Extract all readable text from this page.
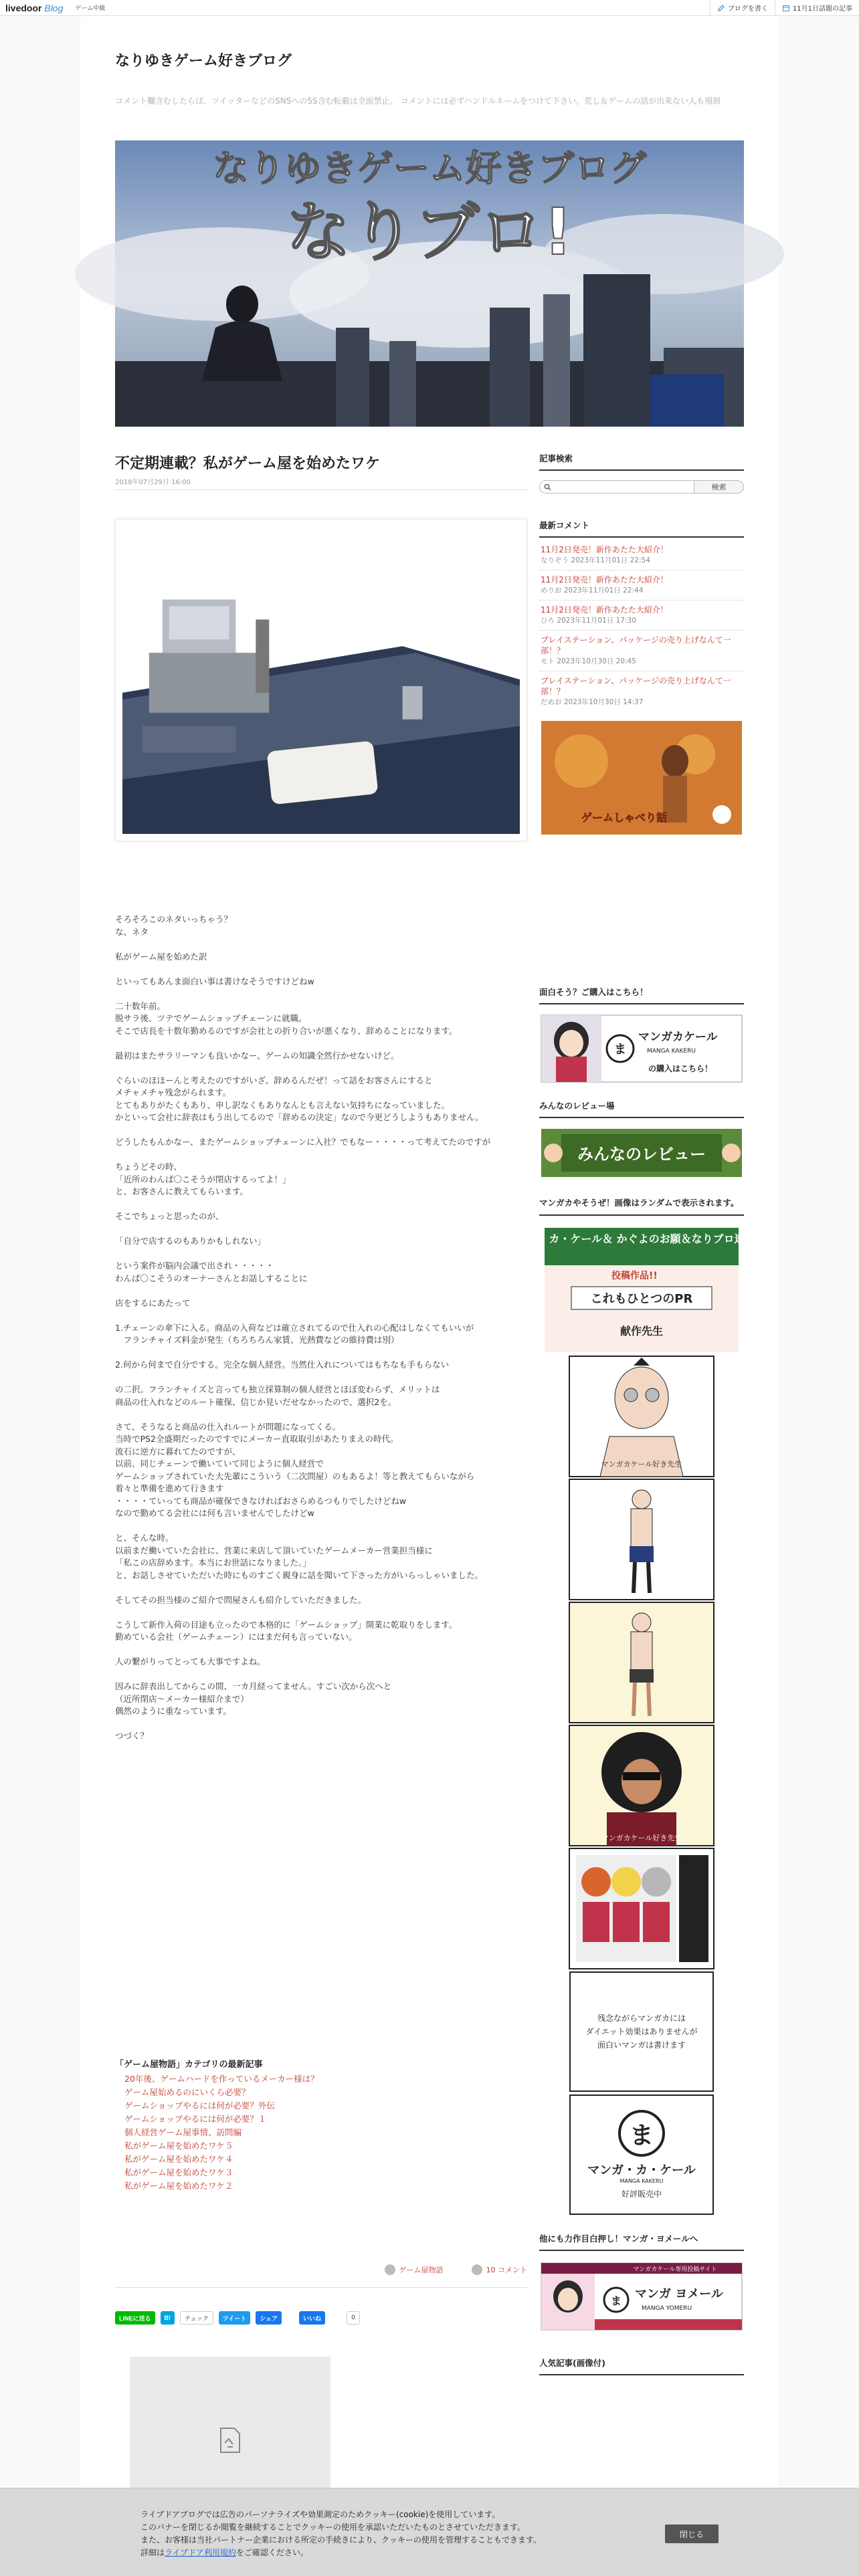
livedoor Blog ゲーム中級	ブログを書く	11月1日話題の記事
なりゆきゲーム好きブログ
コメント欄含むしたらば、ツイッターなどのSNSへの5S含む転載は全面禁止。 コメントには必ずハンドルネームをつけて下さい。荒し＆ゲームの話が出来ない人も規制
なりゆきゲーム好きブログ
なりブロ!
不定期連載？私がゲーム屋を始めたワケ
2018年07月29日 16:00

そろそろこのネタいっちゃう？
な、ネタ

私がゲーム屋を始めた訳

といってもあんま面白い事は書けなそうですけどねw

二十数年前。
脱サラ後、ツテでゲームショップチェーンに就職。
そこで店長を十数年勤めるのですが会社との折り合いが悪くなり、辞めることになります。

最初はまたサラリーマンも良いかなー、ゲームの知識全然行かせないけど。

ぐらいのほほーんと考えたのですがいざ、辞めるんだぜ！って話をお客さんにすると
メチャメチャ残念がられます。
とてもありがたくもあり、申し訳なくもありなんとも言えない気持ちになっていました。
かといって会社に辞表はもう出してるので「辞めるの決定」なので今更どうしようもありません。

どうしたもんかなー、またゲームショップチェーンに入社？でもなー・・・・って考えてたのですが

ちょうどその時、
「近所のわんぱ〇こそうが閉店するってよ！」
と、お客さんに教えてもらいます。

そこでちょっと思ったのが、

「自分で店するのもありかもしれない」

という案件が脳内会議で出され・・・・・
わんぱ〇こそうのオーナーさんとお話しすることに

店をするにあたって

1.チェーンの傘下に入る。商品の入荷などは確立されてるので仕入れの心配はしなくてもいいが
　フランチャイズ料金が発生（ちろちろん家賃、光熱費などの維持費は別）

2.何から何まで自分でする。完全な個人経営。当然仕入れについてはもちなも手もらない

の二択。フランチャイズと言っても独立採算制の個人経営とほぼ変わらず、メリットは
商品の仕入れなどのルート確保、信じか見いだせなかったので、選択2を。

さて、そうなると商品の仕入れルートが問題になってくる。
当時でPS2全盛期だったのですでにメーカー直取取引があたりまえの時代。
流石に逆方に暮れてたのですが、
以前、同じチェーンで働いていて同じように個人経営で
ゲームショップされていた大先輩にこういう（二次問屋）のもあるよ！等と教えてもらいながら
着々と準備を進めて行きます
・・・・ていっても商品が確保できなければおさらめるつもりでしたけどねw
なので勤めてる会社には何も言いませんでしたけどw

と、そんな時。
以前まだ働いていた会社に、営業に来店して頂いていたゲームメーカー営業担当様に
「私この店辞めます。本当にお世話になりました。」
と、お話しさせていただいた時にものすごく親身に話を聞いて下さった方がいらっしゃいました。

そしてその担当様のご紹介で問屋さんも紹介していただきました。

こうして新作入荷の目途も立ったので本格的に「ゲームショップ」開業に乾取りをします。
勤めている会社（ゲームチェーン）にはまだ何も言っていない。

人の繋がりってとっても大事ですよね。

因みに辞表出してからこの間、一カ月経ってません。すごい次から次へと
（近所閉店〜メーカー様紹介まで）
偶然のように重なっています。

つづく？

「ゲーム屋物語」カテゴリの最新記事
20年後、ゲームハードを作っているメーカー様は？
ゲーム屋始めるのにいくら必要？
ゲームショップやるには何が必要？外伝
ゲームショップやるには何が必要？１
個人経営ゲーム屋事情、訪問編
私がゲーム屋を始めたワケ５
私がゲーム屋を始めたワケ４
私がゲーム屋を始めたワケ３
私がゲーム屋を始めたワケ２
ゲーム屋物語	10 コメント
LINEに送る	B!	チェック	ツイート	シェア	いいね	0
記事検索
検索
最新コメント
11月2日発売！新作あたた大紹介！
なりぞう 2023年11月01日 22:54
11月2日発売！新作あたた大紹介！
めりお 2023年11月01日 22:44
11月2日発売！新作あたた大紹介！
ひろ 2023年11月01日 17:30
プレイステーション、パッケージの売り上げなんて一部！？
モト 2023年10月30日 20:45
プレイステーション、パッケージの売り上げなんて一部！？
だめお 2023年10月30日 14:37
ゲームしゃべり話
面白そう？ご購入はこちら！
ま
マンガカケール
MANGA KAKERU
の購入はこちら！
みんなのレビュー場
みんなのレビュー
マンガカやそうぜ！画像はランダムで表示されます。
マンガ・カ・ケール＆ かぐよのお願＆なりブロ連動企画
投稿作品!!
これもひとつのPR
献作先生
マンガカケール好き先生
マンガカケール好き先生
残念ながらマンガカには
ダイエット効果はありませんが
面白いマンガは書けます
ま
マンガ・カ・ケール
MANGA KAKERU
好評販売中
他にも力作目白押し！マンガ・ヨメールへ
マンガカケール専用投稿サイト
ま マンガ ヨメール
MANGA YOMERU
人気記事(画像付)
ライブドアブログでは広告のパーソナライズや効果測定のためクッキー(cookie)を使用しています。
このバナーを閉じるか閲覧を継続することでクッキーの使用を承認いただいたものとさせていただきます。
また、お客様は当社パートナー企業における所定の手続きにより、クッキーの使用を管理することもできます。
詳細はライブドア利用規約をご確認ください。
閉じる
